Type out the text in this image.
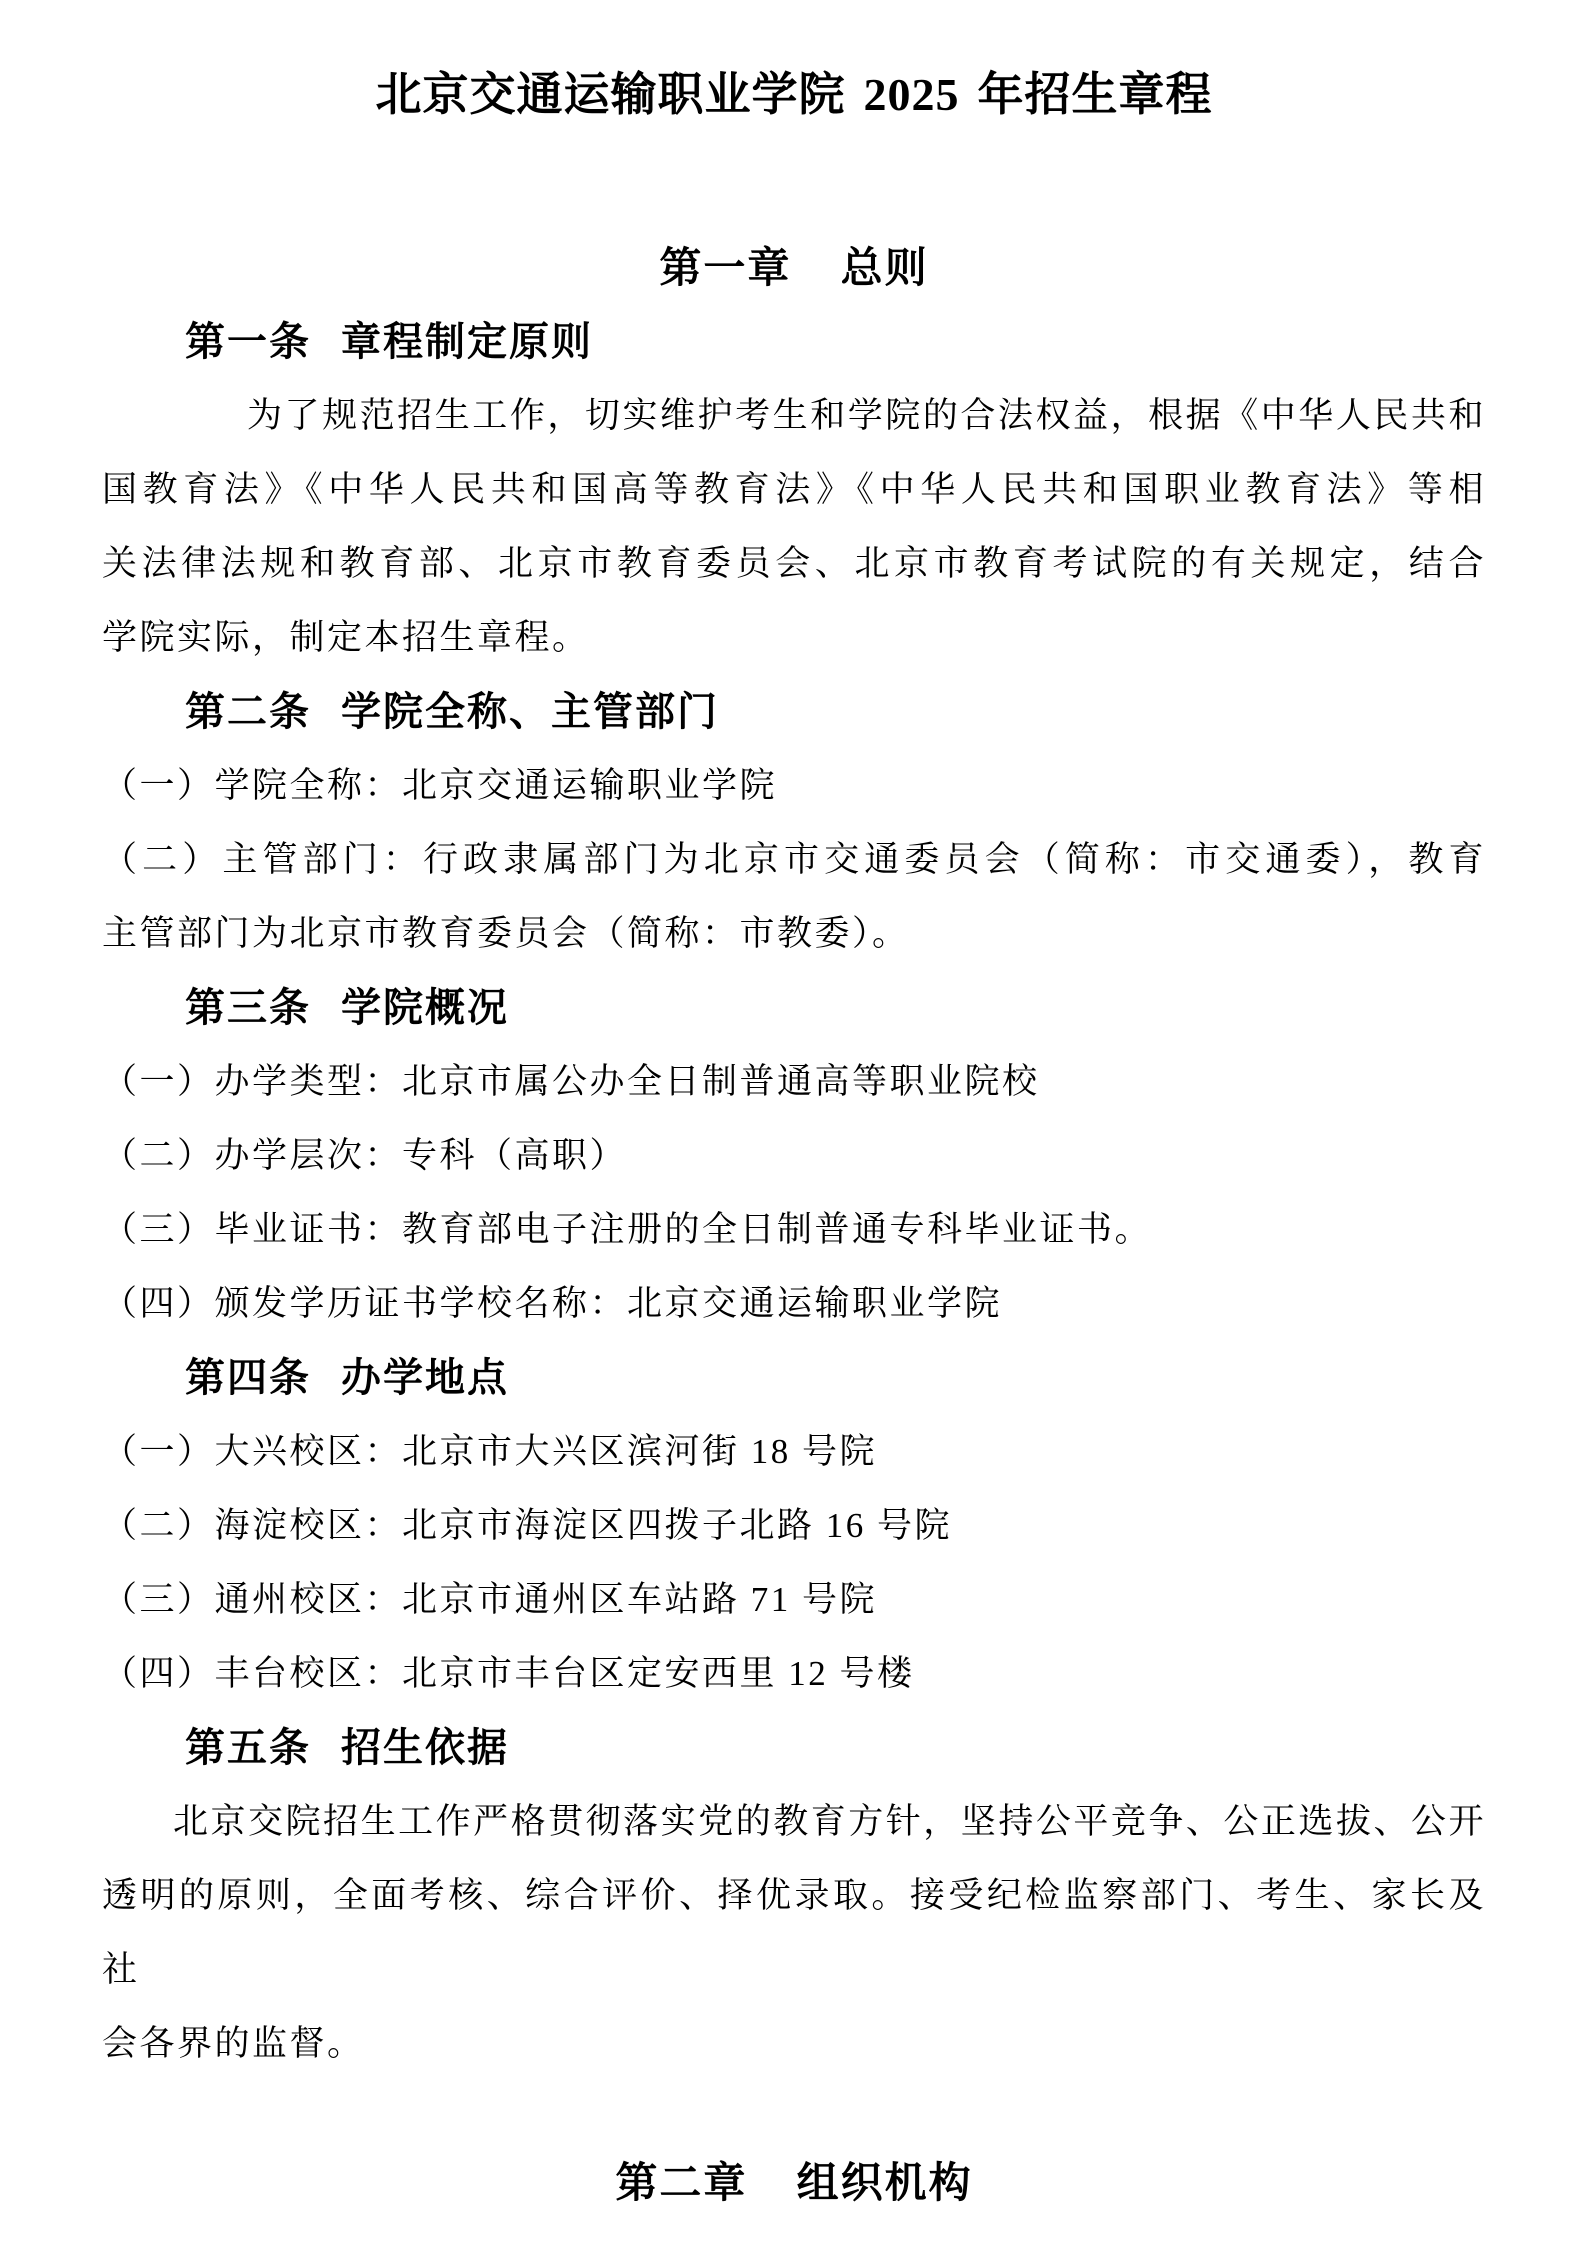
北京交通运输职业学院 2025 年招生章程
第一章 总则
第一条 章程制定原则

为了规范招生工作，切实维护考生和学院的合法权益，根据《中华人民共和

国教育法》《中华人民共和国高等教育法》《中华人民共和国职业教育法》等相

关法律法规和教育部、北京市教育委员会、北京市教育考试院的有关规定，结合

学院实际，制定本招生章程。

第二条 学院全称、主管部门

（一）学院全称：北京交通运输职业学院

（二）主管部门：行政隶属部门为北京市交通委员会（简称：市交通委），教育

主管部门为北京市教育委员会（简称：市教委）。

第三条 学院概况

（一）办学类型：北京市属公办全日制普通高等职业院校

（二）办学层次：专科（高职）

（三）毕业证书：教育部电子注册的全日制普通专科毕业证书。

（四）颁发学历证书学校名称：北京交通运输职业学院

第四条 办学地点

（一）大兴校区：北京市大兴区滨河街 18 号院

（二）海淀校区：北京市海淀区四拨子北路 16 号院

（三）通州校区：北京市通州区车站路 71 号院

（四）丰台校区：北京市丰台区定安西里 12 号楼

第五条 招生依据

北京交院招生工作严格贯彻落实党的教育方针，坚持公平竞争、公正选拔、公开

透明的原则，全面考核、综合评价、择优录取。接受纪检监察部门、考生、家长及社

会各界的监督。

第二章 组织机构
